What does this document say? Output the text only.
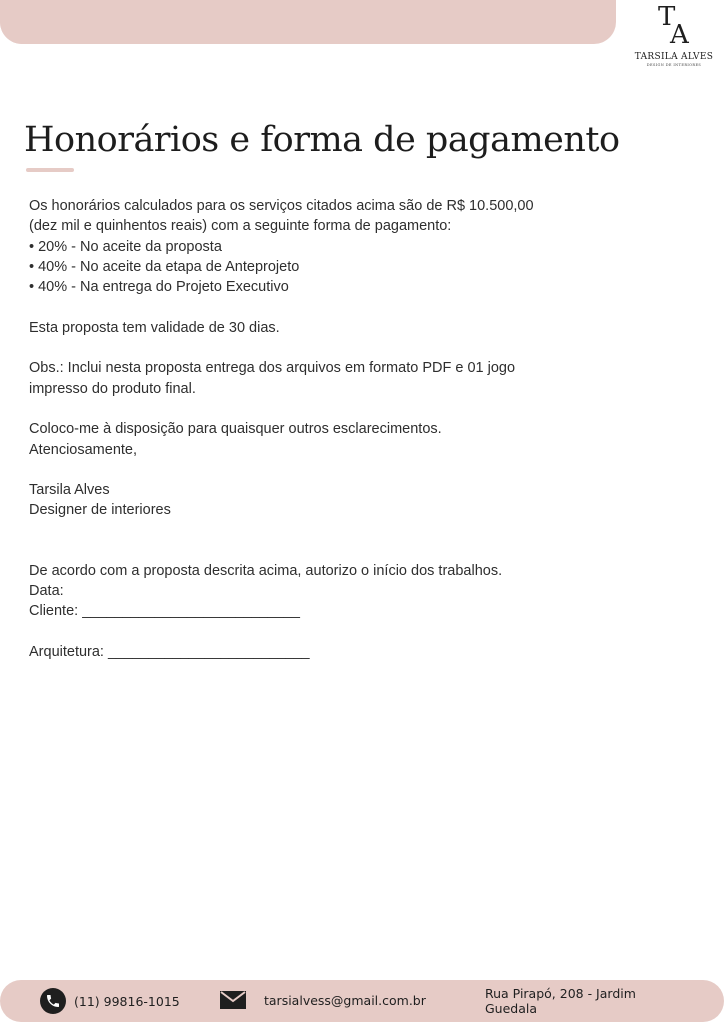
T
A
TARSILA ALVES
DESIGN DE INTERIORES
Honorários e forma de pagamento
Os honorários calculados para os serviços citados acima são de R$ 10.500,00
(dez mil e quinhentos reais) com a seguinte forma de pagamento:
• 20% - No aceite da proposta
• 40% - No aceite da etapa de Anteprojeto
• 40% - Na entrega do Projeto Executivo
Esta proposta tem validade de 30 dias.
Obs.: Inclui nesta proposta entrega dos arquivos em formato PDF e 01 jogo
impresso do produto final.
Coloco-me à disposição para quaisquer outros esclarecimentos.
Atenciosamente,
Tarsila Alves
Designer de interiores
De acordo com a proposta descrita acima, autorizo o início dos trabalhos.
Data:
Cliente: ___________________________
Arquitetura: _________________________
(11) 99816-1015	tarsialvess@gmail.com.br	Rua Pirapó, 208 - Jardim
Guedala
